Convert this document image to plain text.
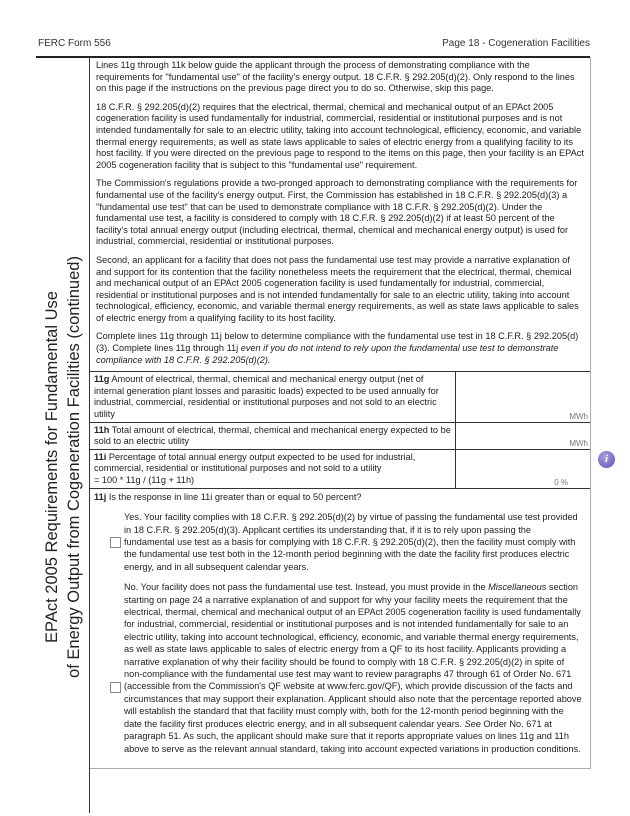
FERC Form 556	Page 18 - Cogeneration Facilities
EPAct 2005 Requirements for Fundamental Use of Energy Output from Cogeneration Facilities (continued)

Lines 11g through 11k below guide the applicant through the process of demonstrating compliance with the requirements for "fundamental use" of the facility's energy output. 18 C.F.R. § 292.205(d)(2). Only respond to the lines on this page if the instructions on the previous page direct you to do so. Otherwise, skip this page.

18 C.F.R. § 292.205(d)(2) requires that the electrical, thermal, chemical and mechanical output of an EPAct 2005 cogeneration facility is used fundamentally for industrial, commercial, residential or institutional purposes and is not intended fundamentally for sale to an electric utility, taking into account technological, efficiency, economic, and variable thermal energy requirements, as well as state laws applicable to sales of electric energy from a qualifying facility to its host facility. If you were directed on the previous page to respond to the items on this page, then your facility is an EPAct 2005 cogeneration facility that is subject to this "fundamental use" requirement.

The Commission's regulations provide a two-pronged approach to demonstrating compliance with the requirements for fundamental use of the facility's energy output. First, the Commission has established in 18 C.F.R. § 292.205(d)(3) a "fundamental use test" that can be used to demonstrate compliance with 18 C.F.R. § 292.205(d)(2). Under the fundamental use test, a facility is considered to comply with 18 C.F.R. § 292.205(d)(2) if at least 50 percent of the facility's total annual energy output (including electrical, thermal, chemical and mechanical energy output) is used for industrial, commercial, residential or institutional purposes.

Second, an applicant for a facility that does not pass the fundamental use test may provide a narrative explanation of and support for its contention that the facility nonetheless meets the requirement that the electrical, thermal, chemical and mechanical output of an EPAct 2005 cogeneration facility is used fundamentally for industrial, commercial, residential or institutional purposes and is not intended fundamentally for sale to an electric utility, taking into account technological, efficiency, economic, and variable thermal energy requirements, as well as state laws applicable to sales of electric energy from a qualifying facility to its host facility.

Complete lines 11g through 11j below to determine compliance with the fundamental use test in 18 C.F.R. § 292.205(d)(3). Complete lines 11g through 11j even if you do not intend to rely upon the fundamental use test to demonstrate compliance with 18 C.F.R. § 292.205(d)(2).

11g Amount of electrical, thermal, chemical and mechanical energy output (net of internal generation plant losses and parasitic loads) expected to be used annually for industrial, commercial, residential or institutional purposes and not sold to an electric utility	MWh
11h Total amount of electrical, thermal, chemical and mechanical energy expected to be sold to an electric utility	MWh
11i Percentage of total annual energy output expected to be used for industrial, commercial, residential or institutional purposes and not sold to a utility
= 100 * 11g / (11g + 11h)	0 %
11j Is the response in line 11i greater than or equal to 50 percent?
Yes. Your facility complies with 18 C.F.R. § 292.205(d)(2) by virtue of passing the fundamental use test provided in 18 C.F.R. § 292.205(d)(3). Applicant certifies its understanding that, if it is to rely upon passing the fundamental use test as a basis for complying with 18 C.F.R. § 292.205(d)(2), then the facility must comply with the fundamental use test both in the 12-month period beginning with the date the facility first produces electric energy, and in all subsequent calendar years.
No. Your facility does not pass the fundamental use test. Instead, you must provide in the Miscellaneous section starting on page 24 a narrative explanation of and support for why your facility meets the requirement that the electrical, thermal, chemical and mechanical output of an EPAct 2005 cogeneration facility is used fundamentally for industrial, commercial, residential or institutional purposes and is not intended fundamentally for sale to an electric utility, taking into account technological, efficiency, economic, and variable thermal energy requirements, as well as state laws applicable to sales of electric energy from a QF to its host facility. Applicants providing a narrative explanation of why their facility should be found to comply with 18 C.F.R. § 292.205(d)(2) in spite of non-compliance with the fundamental use test may want to review paragraphs 47 through 61 of Order No. 671 (accessible from the Commission's QF website at www.ferc.gov/QF), which provide discussion of the facts and circumstances that may support their explanation. Applicant should also note that the percentage reported above will establish the standard that that facility must comply with, both for the 12-month period beginning with the date the facility first produces electric energy, and in all subsequent calendar years. See Order No. 671 at paragraph 51. As such, the applicant should make sure that it reports appropriate values on lines 11g and 11h above to serve as the relevant annual standard, taking into account expected variations in production conditions.
i
